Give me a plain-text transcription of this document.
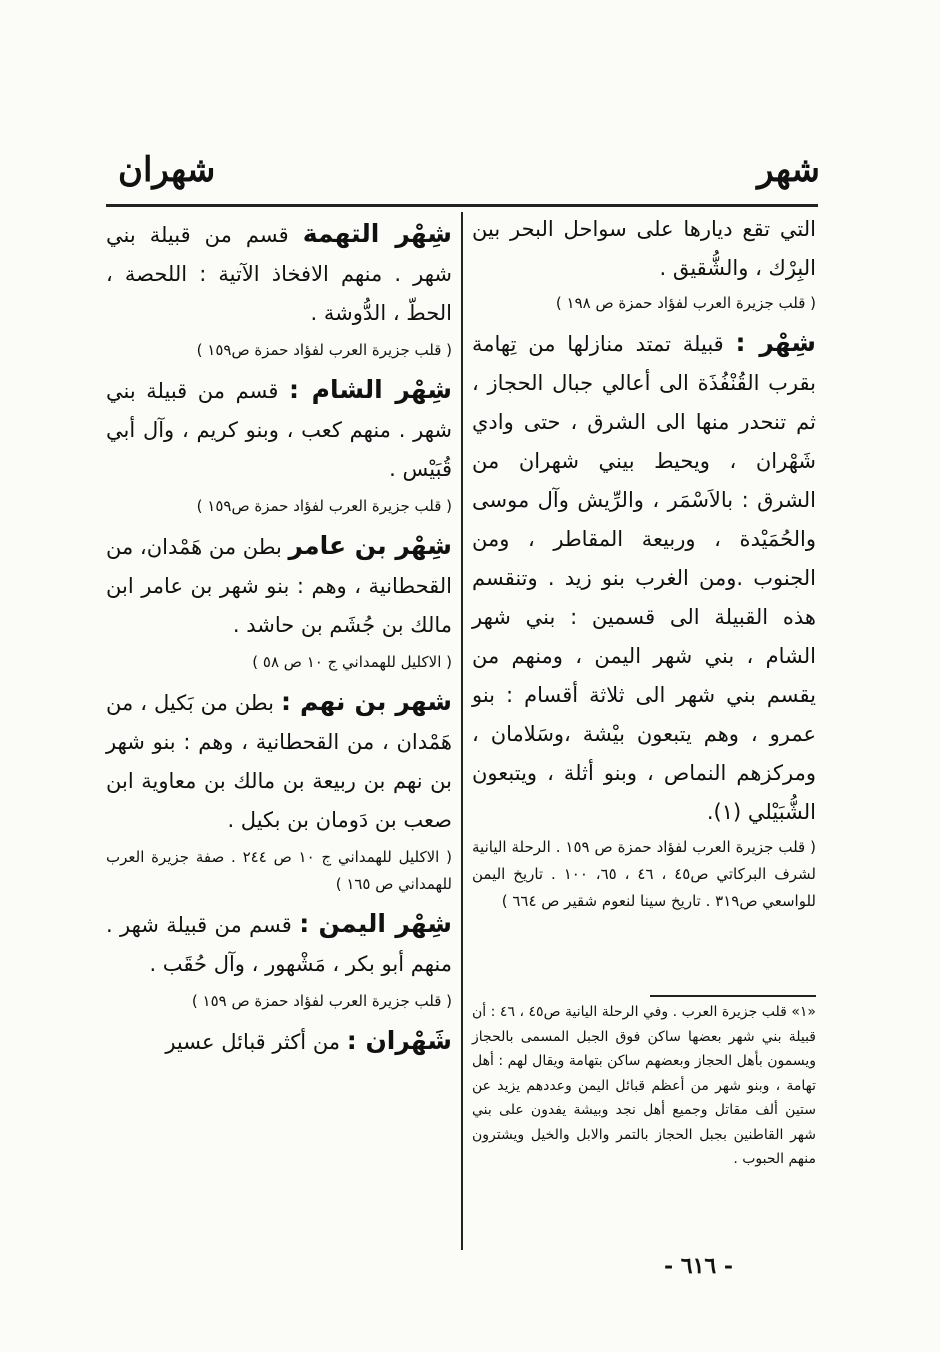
شهر
شهران

التي تقع ديارها على سواحل البحر بين البِرْك ، والشُّقيق .

( قلب جزيرة العرب لفؤاد حمزة ص ١٩٨ )

شِهْر : قبيلة تمتد منازلها من تِهامة بقرب القُنْفُذَة الى أعالي جبال الحجاز ، ثم تنحدر منها الى الشرق ، حتى وادي شَهْران ، ويحيط بيني شهران من الشرق : بالاَسْمَر ، والرِّيش وآل موسى والحُمَيْدة ، وربيعة المقاطر ، ومن الجنوب .ومن الغرب بنو زيد . وتنقسم هذه القبيلة الى قسمين : بني شهر الشام ، بني شهر اليمن ، ومنهم من يقسم بني شهر الى ثلاثة أقسام : بنو عمرو ، وهم يتبعون بيْشة ،وسَلامان ، ومركزهم النماص ، وبنو أثلة ، ويتبعون الشُّبَيْلي (١).

( قلب جزيرة العرب لفؤاد حمزة ص ١٥٩ . الرحلة اليانية لشرف البركاتي ص٤٥ ، ٤٦ ، ٦٥، ١٠٠ . تاريخ اليمن للواسعي ص٣١٩ . تاريخ سينا لنعوم شقير ص ٦٦٤ )

«١» قلب جزيرة العرب . وفي الرحلة اليانية ص٤٥ ، ٤٦ : أن قبيلة بني شهر بعضها ساكن فوق الجبل المسمى بالحجاز ويسمون بأهل الحجاز وبعضهم ساكن بتهامة ويقال لهم : أهل تهامة ، وبنو شهر من أعظم قبائل اليمن وعددهم يزيد عن ستين ألف مقاتل وجميع أهل نجد وبيشة يفدون على بني شهر القاطنين بجبل الحجاز بالتمر والابل والخيل ويشترون منهم الحبوب .

شِهْر التهمة قسم من قبيلة بني شهر . منهم الافخاذ الآتية : اللحصة ، الحطّ ، الدُّوشة .

( قلب جزيرة العرب لفؤاد حمزة ص١٥٩ )

شِهْر الشام : قسم من قبيلة بني شهر . منهم كعب ، وبنو كريم ، وآل أبي قُبَيْس .

( قلب جزيرة العرب لفؤاد حمزة ص١٥٩ )

شِهْر بن عامر بطن من هَمْدان، من القحطانية ، وهم : بنو شهر بن عامر ابن مالك بن جُشَم بن حاشد .

( الاكليل للهمداني ج ١٠ ص ٥٨ )

شهر بن نهم : بطن من بَكيل ، من هَمْدان ، من القحطانية ، وهم : بنو شهر بن نهم بن ربيعة بن مالك بن معاوية ابن صعب بن دَومان بن بكيل .

( الاكليل للهمداني ج ١٠ ص ٢٤٤ . صفة جزيرة العرب للهمداني ص ١٦٥ )

شِهْر اليمن : قسم من قبيلة شهر . منهم أبو بكر ، مَشْهور ، وآل حُقَب .

( قلب جزيرة العرب لفؤاد حمزة ص ١٥٩ )

شَهْران : من أكثر قبائل عسير

- ٦١٦ -
